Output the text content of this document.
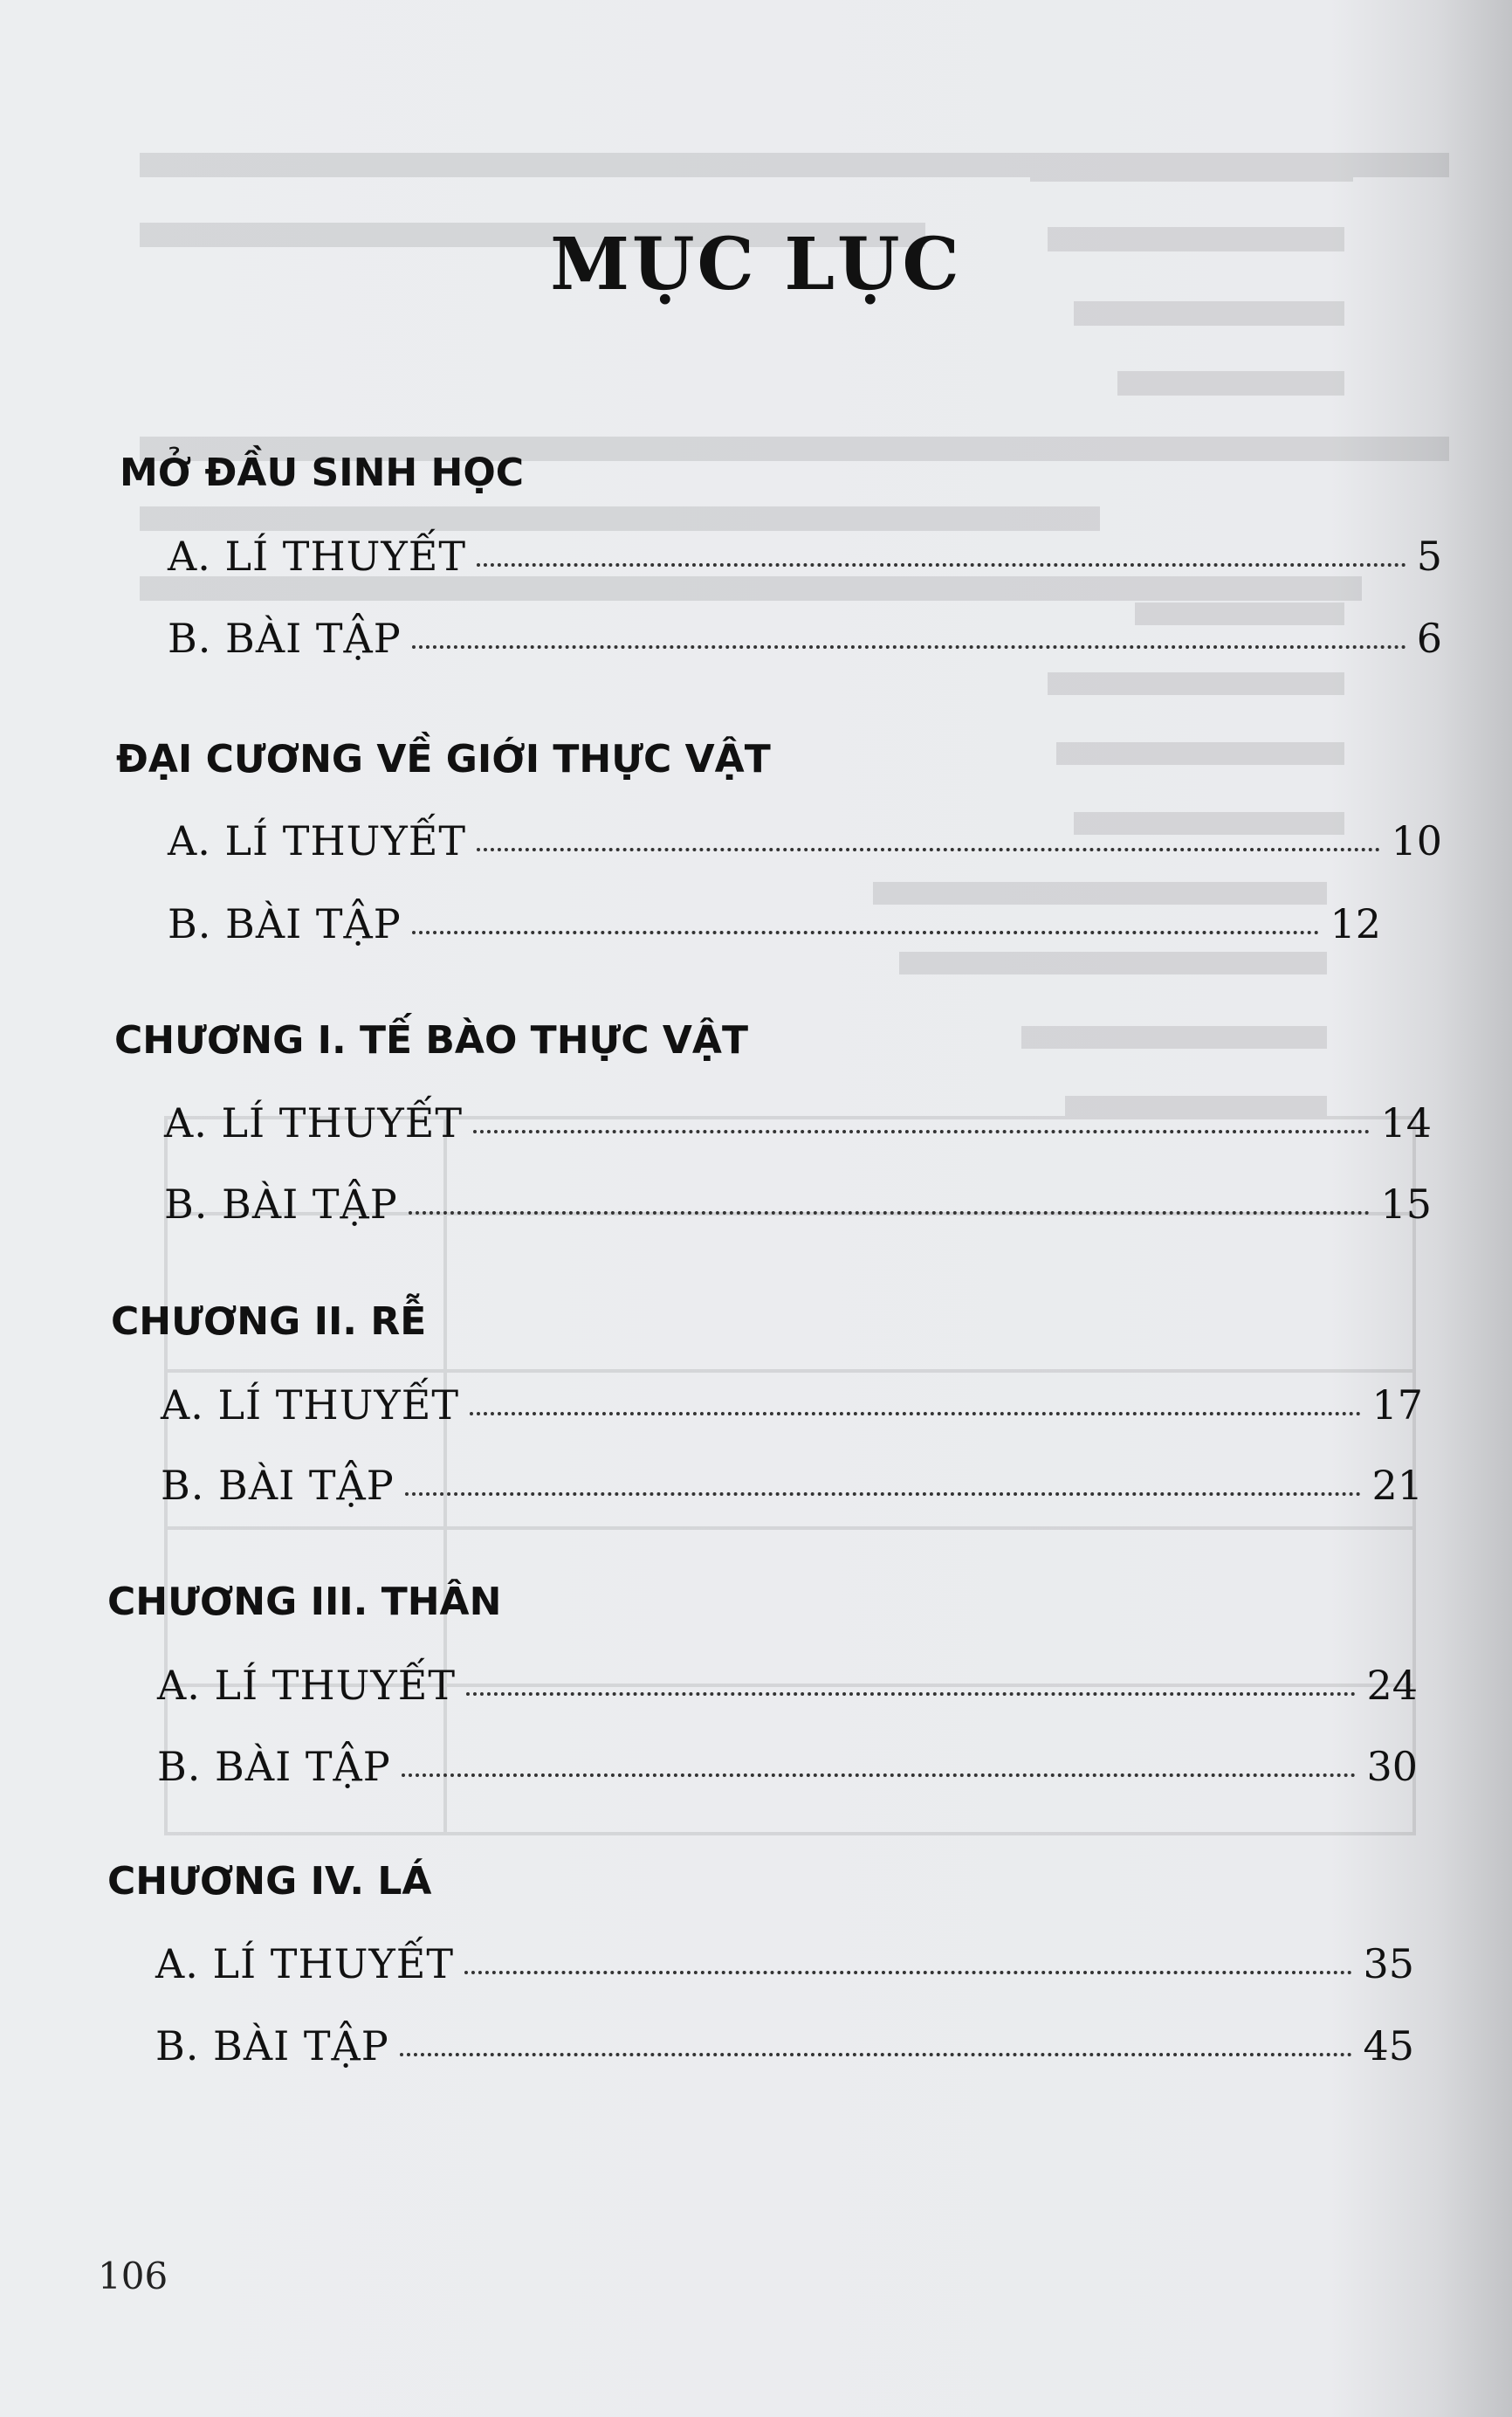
MỤC LỤC
MỞ ĐẦU SINH HỌC
A. LÍ THUYẾT	5
B. BÀI TẬP	6
ĐẠI CƯƠNG VỀ GIỚI THỰC VẬT
A. LÍ THUYẾT	10
B. BÀI TẬP	12
CHƯƠNG I. TẾ BÀO THỰC VẬT
A. LÍ THUYẾT	14
B. BÀI TẬP	15
CHƯƠNG II. RỄ
A. LÍ THUYẾT	17
B. BÀI TẬP	21
CHƯƠNG III. THÂN
A. LÍ THUYẾT	24
B. BÀI TẬP	30
CHƯƠNG IV. LÁ
A. LÍ THUYẾT	35
B. BÀI TẬP	45
106
